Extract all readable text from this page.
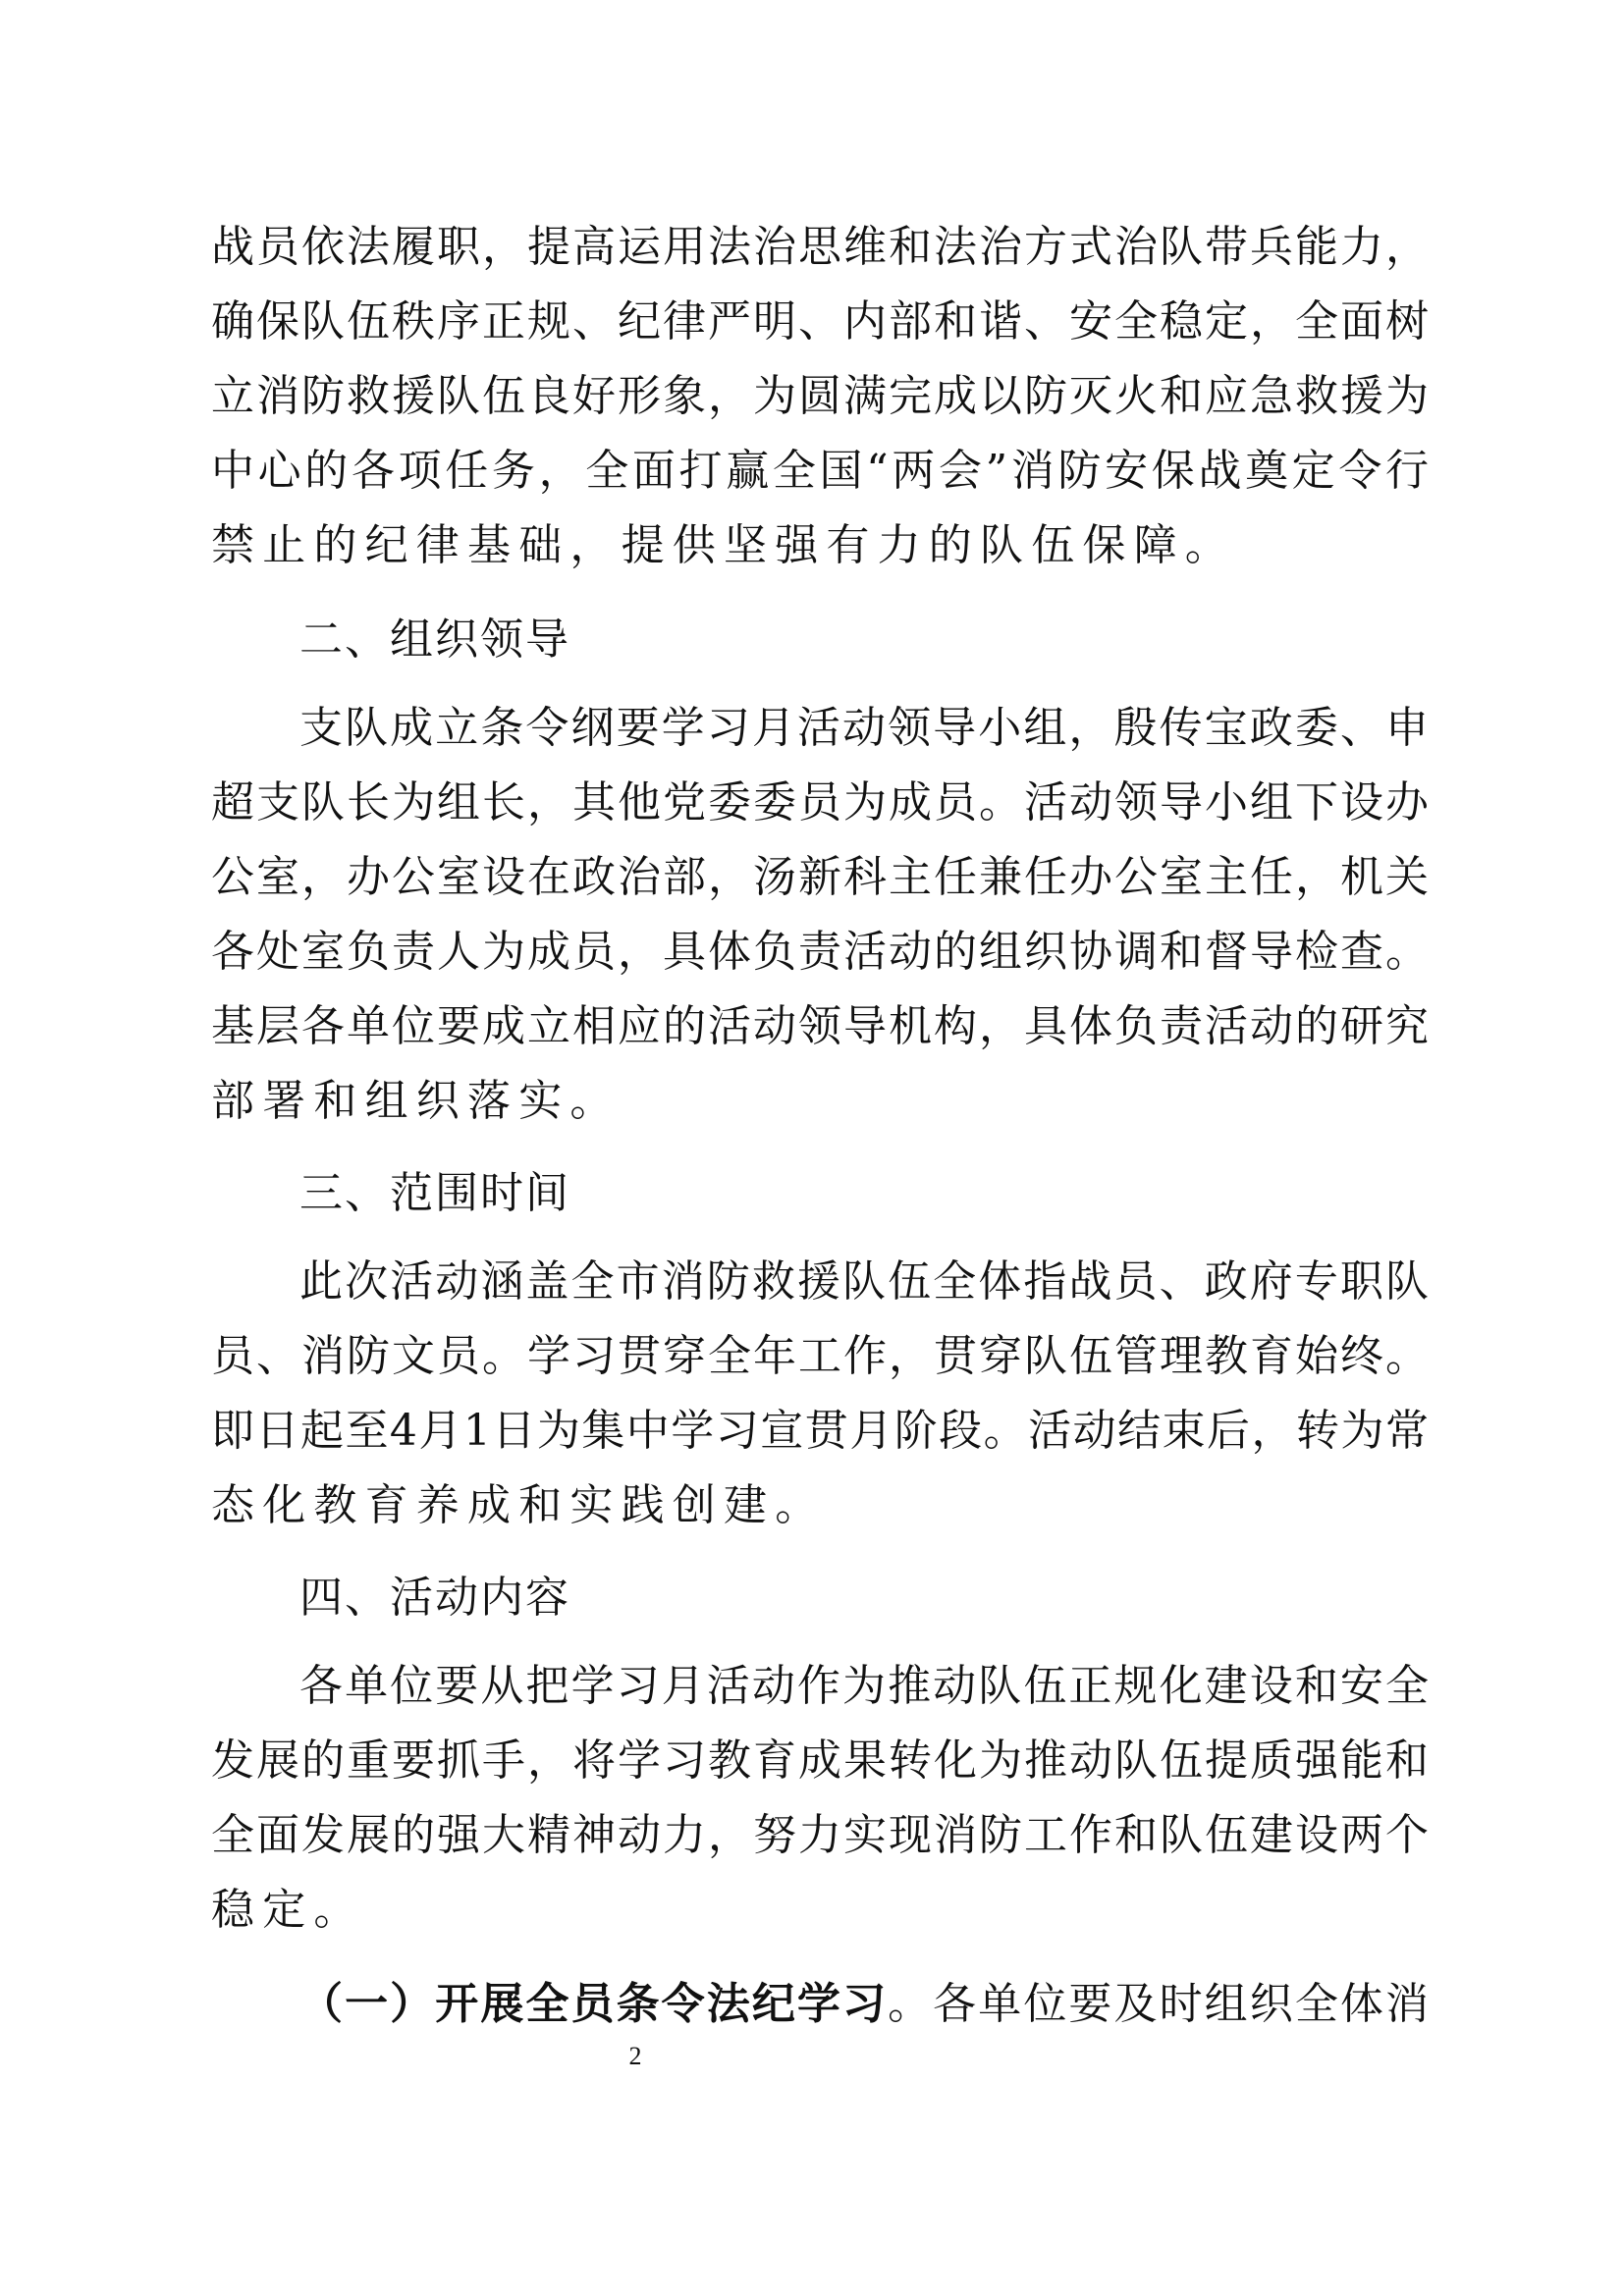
战员依法履职，提高运用法治思维和法治方式治队带兵能力，
确保队伍秩序正规、纪律严明、内部和谐、安全稳定，全面树
立消防救援队伍良好形象，为圆满完成以防灭火和应急救援为
中心的各项任务，全面打赢全国“两会”消防安保战奠定令行
禁止的纪律基础，提供坚强有力的队伍保障。
二、组织领导
支队成立条令纲要学习月活动领导小组，殷传宝政委、申
超支队长为组长，其他党委委员为成员。活动领导小组下设办
公室，办公室设在政治部，汤新科主任兼任办公室主任，机关
各处室负责人为成员，具体负责活动的组织协调和督导检查。
基层各单位要成立相应的活动领导机构，具体负责活动的研究
部署和组织落实。
三、范围时间
此次活动涵盖全市消防救援队伍全体指战员、政府专职队
员、消防文员。学习贯穿全年工作，贯穿队伍管理教育始终。
即日起至4月1日为集中学习宣贯月阶段。活动结束后，转为常
态化教育养成和实践创建。
四、活动内容
各单位要从把学习月活动作为推动队伍正规化建设和安全
发展的重要抓手，将学习教育成果转化为推动队伍提质强能和
全面发展的强大精神动力，努力实现消防工作和队伍建设两个
稳定。
（一）开展全员条令法纪学习。各单位要及时组织全体消
2
